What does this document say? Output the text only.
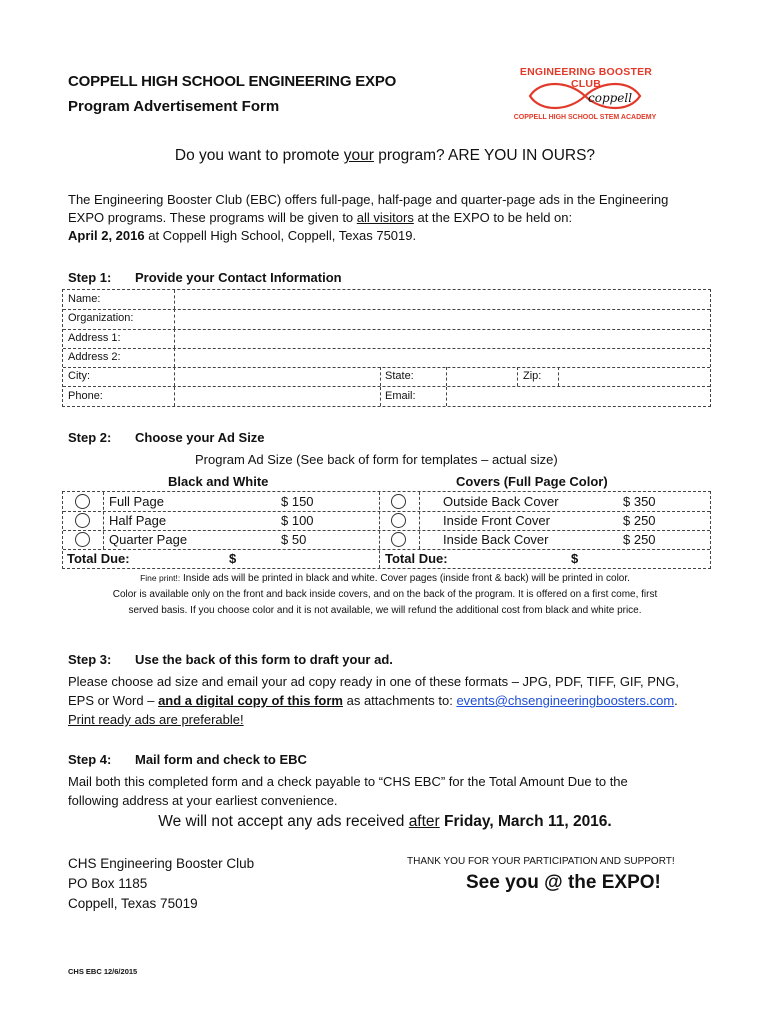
COPPELL HIGH SCHOOL ENGINEERING EXPO
Program Advertisement Form
ENGINEERING BOOSTER CLUB
coppell
COPPELL HIGH SCHOOL STEM ACADEMY
Do you want to promote your program? ARE YOU IN OURS?
The Engineering Booster Club (EBC) offers full-page, half-page and quarter-page ads in the Engineering
EXPO programs. These programs will be given to all visitors at the EXPO to be held on:
April 2, 2016 at Coppell High School, Coppell, Texas 75019.
Step 1: Provide your Contact Information
Name:
Organization:
Address 1:
Address 2:
City:	State:	Zip:
Phone:	Email:
Step 2: Choose your Ad Size
Program Ad Size (See back of form for templates – actual size)
Black and White	Covers (Full Page Color)
Full Page	$ 150	Outside Back Cover	$ 350
Half Page	$ 100	Inside Front Cover	$ 250
Quarter Page	$ 50	Inside Back Cover	$ 250
Total Due:	$	Total Due:	$
Fine print!: Inside ads will be printed in black and white. Cover pages (inside front & back) will be printed in color.
Color is available only on the front and back inside covers, and on the back of the program. It is offered on a first come, first
served basis. If you choose color and it is not available, we will refund the additional cost from black and white price.
Step 3: Use the back of this form to draft your ad.
Please choose ad size and email your ad copy ready in one of these formats – JPG, PDF, TIFF, GIF, PNG,
EPS or Word – and a digital copy of this form as attachments to: events@chsengineeringboosters.com.
Print ready ads are preferable!
Step 4: Mail form and check to EBC
Mail both this completed form and a check payable to “CHS EBC” for the Total Amount Due to the
following address at your earliest convenience.
We will not accept any ads received after Friday, March 11, 2016.
CHS Engineering Booster Club
PO Box 1185
Coppell, Texas 75019
THANK YOU FOR YOUR PARTICIPATION AND SUPPORT!
See you @ the EXPO!
CHS EBC 12/6/2015
